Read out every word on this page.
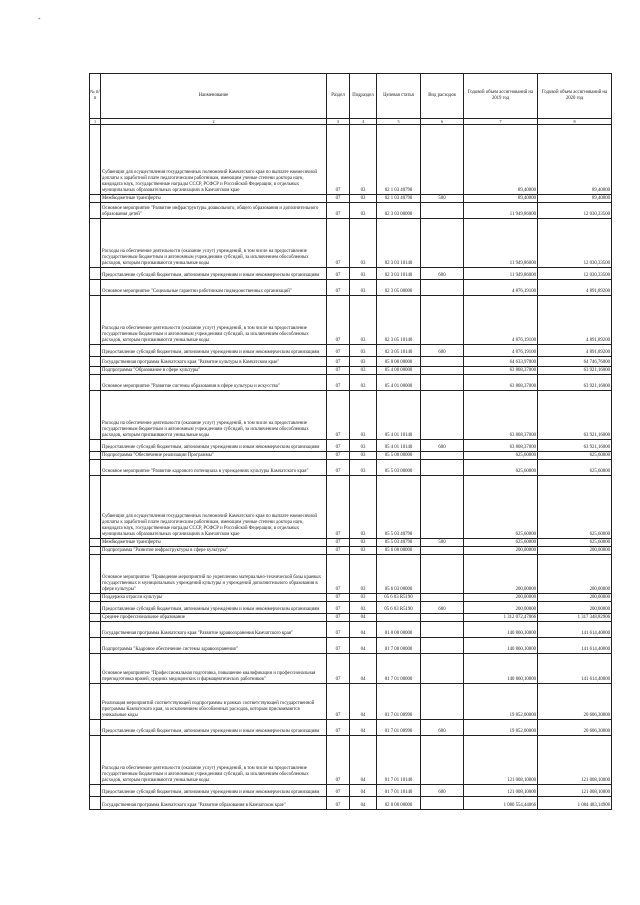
*
№ п/п	Наименование	Раздел	Подраздел	Целевая статья	Вид расходов	Годовой объем ассигнований на 2019 год	Годовой объем ассигнований на 2020 год
1	2	3	4	5	6	7	8
	Субвенции для осуществления государственных полномочий Камчатского края по выплате ежемесячной доплаты к заработной плате педагогическим работникам, имеющим ученые степени доктора наук, кандидата наук, государственные награды СССР, РСФСР и Российской Федерации, в отдельных муниципальных образовательных организациях в Камчатском крае	07	03	02 1 03 40790		89,40000	89,40000
	Межбюджетные трансферты	07	03	02 1 03 40790	500	89,40000	89,40000
	Основное мероприятие "Развитие инфраструктуры дошкольного, общего образования и дополнительного образования детей"	07	03	02 3 03 00000		11 949,86000	12 030,33500
	Расходы на обеспечение деятельности (оказание услуг) учреждений, в том числе на предоставление государственным бюджетным и автономным учреждениям субсидий, за исключением обособленных расходов, которым присваиваются уникальные коды	07	03	02 3 03 10140		11 949,86000	12 030,33500
	Предоставление субсидий бюджетным, автономным учреждениям и иным некоммерческим организациям	07	03	02 3 03 10140	600	11 949,86000	12 030,33500
	Основное мероприятие "Социальные гарантии работникам подведомственных организаций"	07	03	02 3 05 00000		4 876,19100	4 891,89200
	Расходы на обеспечение деятельности (оказание услуг) учреждений, в том числе на предоставление государственным бюджетным и автономным учреждениям субсидий, за исключением обособленных расходов, которым присваиваются уникальные коды	07	03	02 3 05 10140		4 876,19100	4 891,89200
	Предоставление субсидий бюджетным, автономным учреждениям и иным некоммерческим организациям	07	03	02 3 05 10140	600	4 876,19100	4 891,89200
	Государственная программа Камчатского края "Развитие культуры в Камчатском крае"	07	03	05 0 00 00000		64 633,97000	64 746,76000
	Подпрограмма "Образование в сфере культуры"	07	03	05 4 00 00000		63 808,37000	63 921,16000
	Основное мероприятие "Развитие системы образования в сфере культуры и искусства"	07	03	05 4 01 00000		63 808,37000	63 921,16000
	Расходы на обеспечение деятельности (оказание услуг) учреждений, в том числе на предоставление государственным бюджетным и автономным учреждениям субсидий, за исключением обособленных расходов, которым присваиваются уникальные коды	07	03	05 4 01 10140		63 808,37000	63 921,16000
	Предоставление субсидий бюджетным, автономным учреждениям и иным некоммерческим организациям	07	03	05 4 01 10140	600	63 808,37000	63 921,16000
	Подпрограмма "Обеспечение реализации Программы"	07	03	05 5 00 00000		625,60000	625,60000
	Основное мероприятие "Развитие кадрового потенциала в учреждениях культуры Камчатского края"	07	03	05 5 03 00000		625,60000	625,60000
	Субвенции для осуществления государственных полномочий Камчатского края по выплате ежемесячной доплаты к заработной плате педагогическим работникам, имеющим ученые степени доктора наук, кандидата наук, государственные награды СССР, РСФСР и Российской Федерации, в отдельных муниципальных образовательных организациях в Камчатском крае	07	03	05 5 03 40790		625,60000	625,60000
	Межбюджетные трансферты	07	03	05 5 03 40790	500	625,60000	625,60000
	Подпрограмма "Развитие инфраструктуры в сфере культуры"	07	03	05 6 00 00000		200,00000	200,00000
	Основное мероприятие "Проведение мероприятий по укреплению материально-технической базы краевых государственных и муниципальных учреждений культуры и учреждений дополнительного образования в сфере культуры"	07	03	05 6 03 00000		200,00000	200,00000
	Поддержка отрасли культуры	07	03	05 6 03 R5190		200,00000	200,00000
	Предоставление субсидий бюджетным, автономным учреждениям и иным некоммерческим организациям	07	03	05 6 03 R5190	600	200,00000	200,00000
	Среднее профессиональное образование	07	04			1 312 072,47066	1 317 348,82906
	Государственная программа Камчатского края "Развитие здравоохранения Камчатского края"	07	04	01 0 00 00000		140 860,10000	141 614,40000
	Подпрограмма "Кадровое обеспечение системы здравоохранения"	07	04	01 7 00 00000		140 860,10000	141 614,40000
	Основное мероприятие "Профессиональная подготовка, повышение квалификации и профессиональная переподготовка врачей, средних медицинских и фармацевтических работников"	07	04	01 7 01 00000		140 860,10000	141 614,40000
	Реализация мероприятий соответствующей подпрограммы в рамках соответствующей государственной программы Камчатского края, за исключением обособленных расходов, которым присваиваются уникальные коды	07	04	01 7 01 00990		19 852,00000	20 606,30000
	Предоставление субсидий бюджетным, автономным учреждениям и иным некоммерческим организациям	07	04	01 7 01 00990	600	19 852,00000	20 606,30000
	Расходы на обеспечение деятельности (оказание услуг) учреждений, в том числе на предоставление государственным бюджетным и автономным учреждениям субсидий, за исключением обособленных расходов, которым присваиваются уникальные коды	07	04	01 7 01 10140		121 008,10000	121 008,10000
	Предоставление субсидий бюджетным, автономным учреждениям и иным некоммерческим организациям	07	04	01 7 01 10140	600	121 008,10000	121 008,10000
	Государственная программа Камчатского края "Развитие образования в Камчатском крае"	07	04	02 0 00 00000		1 080 554,44066	1 084 483,14906
